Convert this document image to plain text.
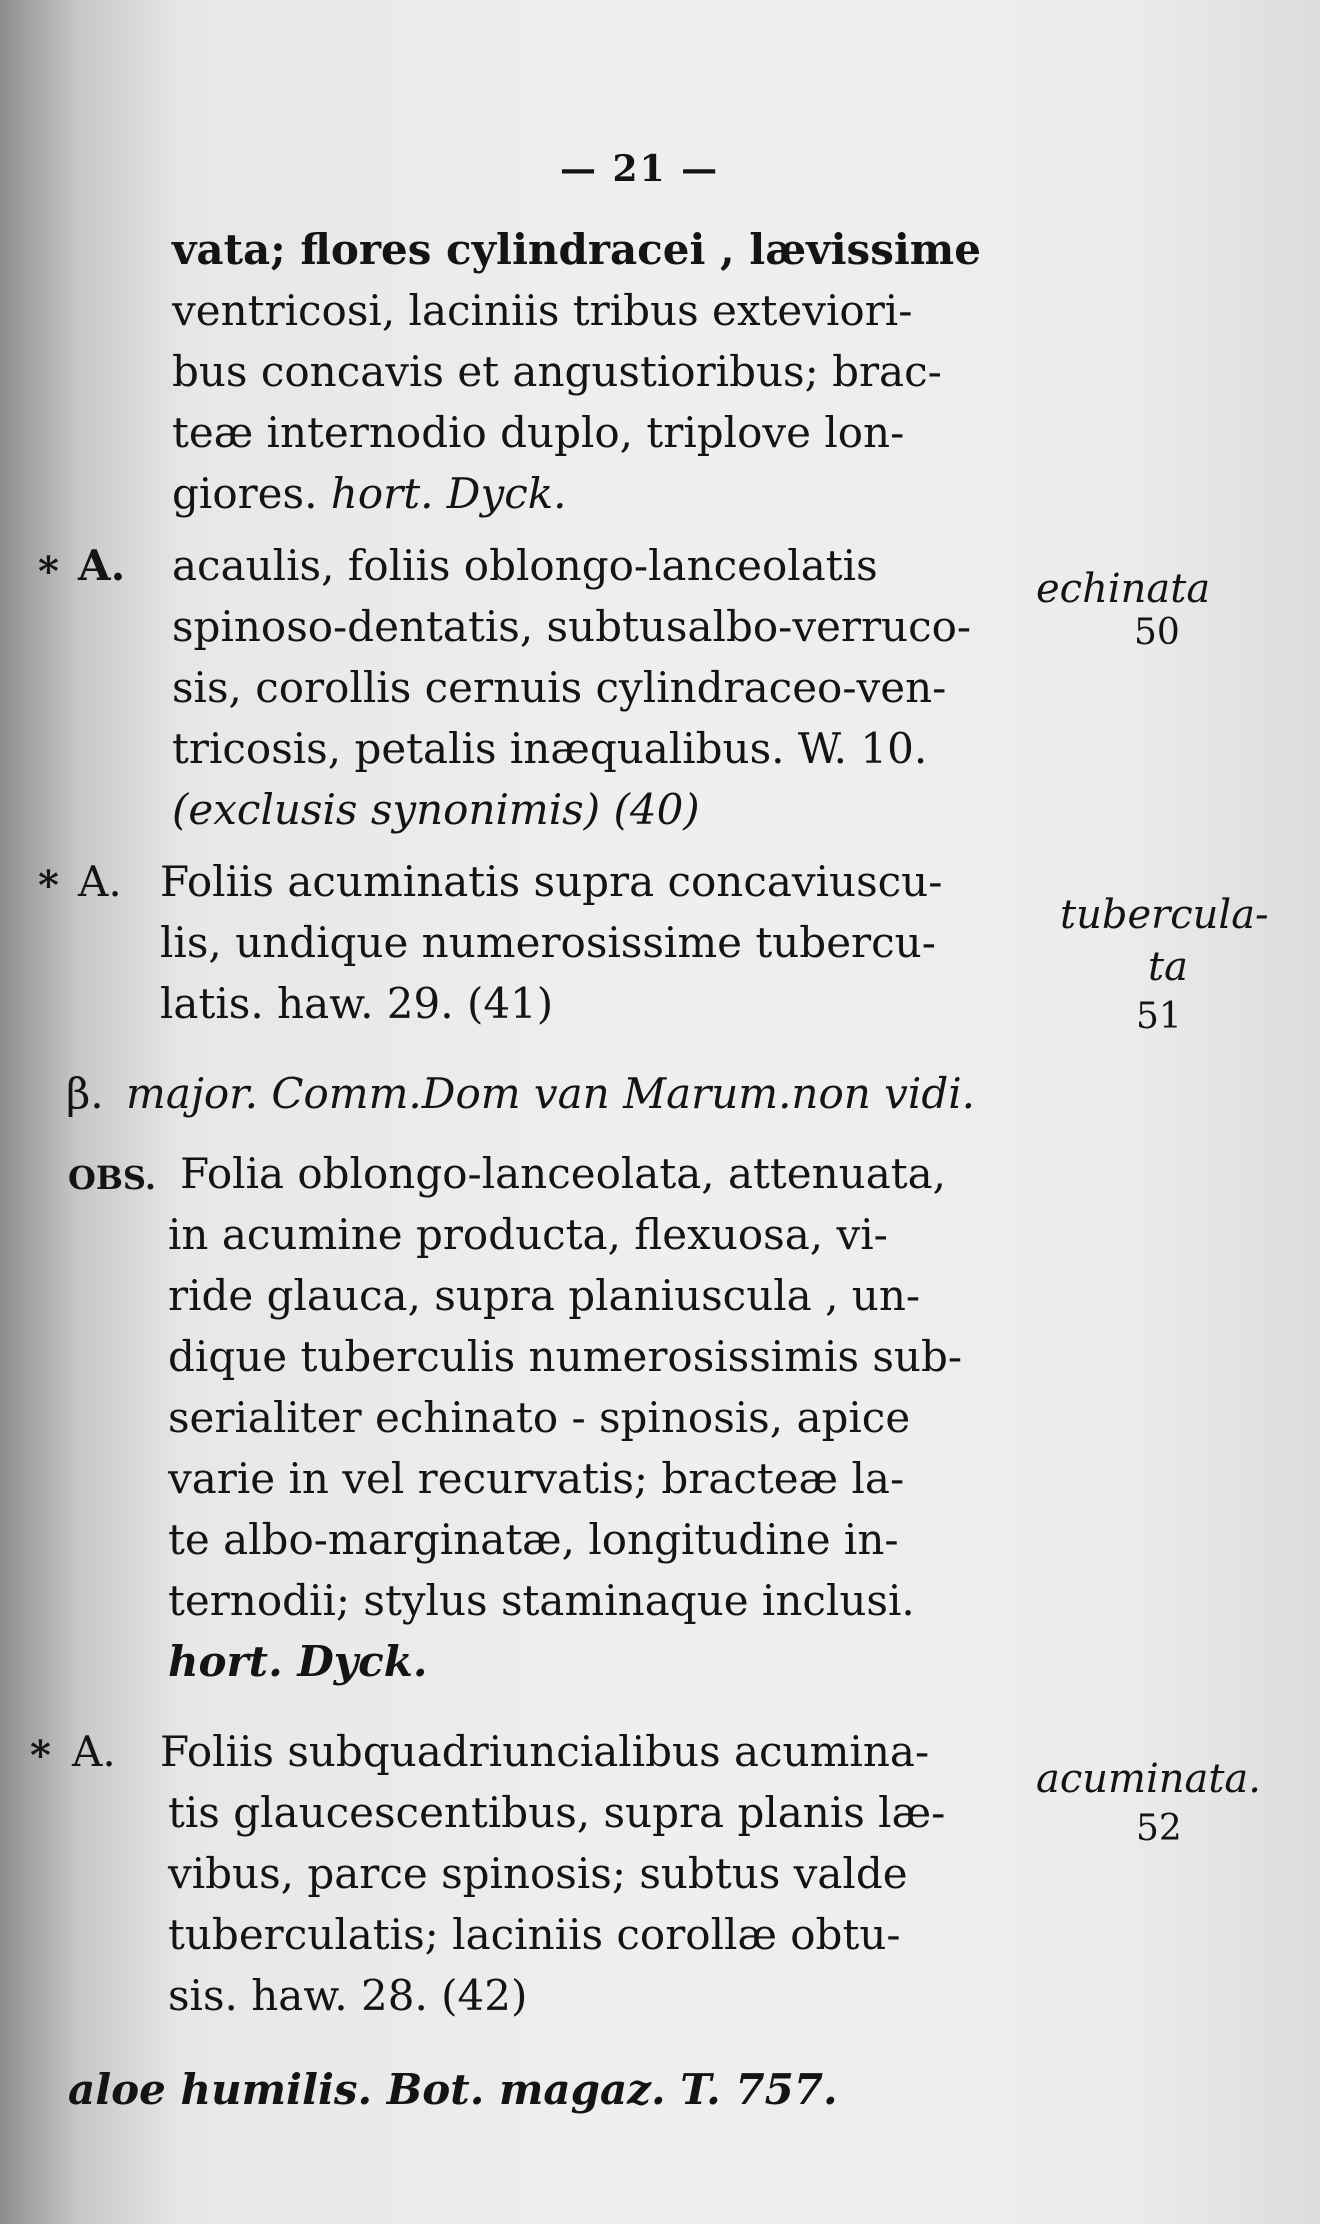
— 21 —
vata; flores cylindracei , lævissime
ventricosi, laciniis tribus exteviori-
bus concavis et angustioribus; brac-
teæ internodio duplo, triplove lon-
giores. hort. Dyck.
* A. acaulis, foliis oblongo-lanceolatis
spinoso-dentatis, subtusalbo-verruco-
sis, corollis cernuis cylindraceo-ven-
tricosis, petalis inæqualibus. W. 10.
(exclusis synonimis) (40)
* A. Foliis acuminatis supra concaviuscu-
lis, undique numerosissime tubercu-
latis. haw. 29. (41)
β. major. Comm.Dom van Marum.non vidi.
OBS. Folia oblongo-lanceolata, attenuata,
in acumine producta, flexuosa, vi-
ride glauca, supra planiuscula , un-
dique tuberculis numerosissimis sub-
serialiter echinato - spinosis, apice
varie in vel recurvatis; bracteæ la-
te albo-marginatæ, longitudine in-
ternodii; stylus staminaque inclusi.
hort. Dyck.
* A. Foliis subquadriuncialibus acumina-
tis glaucescentibus, supra planis læ-
vibus, parce spinosis; subtus valde
tuberculatis; laciniis corollæ obtu-
sis. haw. 28. (42)
aloe humilis. Bot. magaz. T. 757.
echinata
50
tubercula-
ta
51
acuminata.
52
